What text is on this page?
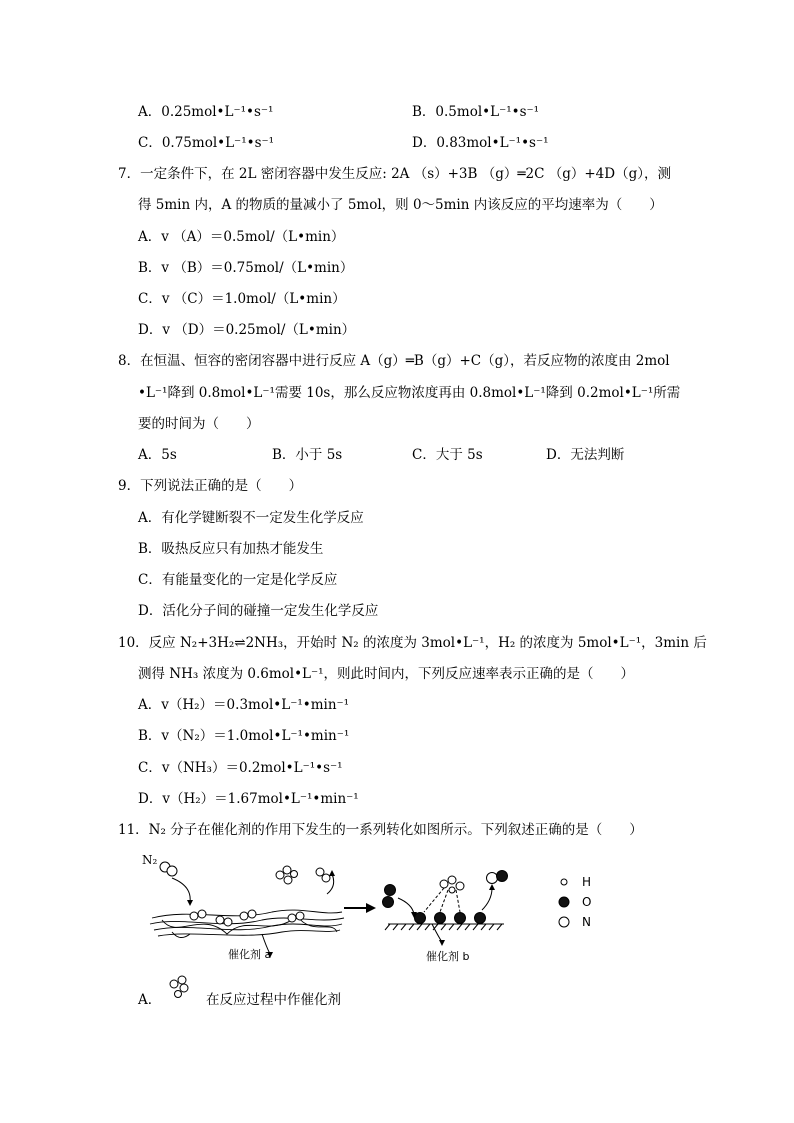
A．0.25mol•L⁻¹•s⁻¹	B．0.5mol•L⁻¹•s⁻¹
C．0.75mol•L⁻¹•s⁻¹	D．0.83mol•L⁻¹•s⁻¹
7．一定条件下，在 2L 密闭容器中发生反应: 2A （s）+3B （g）═2C （g）+4D（g），测
得 5min 内，A 的物质的量减小了 5mol，则 0～5min 内该反应的平均速率为（　　）
A．v （A）＝0.5mol/（L•min）
B．v （B）＝0.75mol/（L•min）
C．v （C）＝1.0mol/（L•min）
D．v （D）＝0.25mol/（L•min）
8．在恒温、恒容的密闭容器中进行反应 A（g）═B（g）+C（g），若反应物的浓度由 2mol
•L⁻¹降到 0.8mol•L⁻¹需要 10s，那么反应物浓度再由 0.8mol•L⁻¹降到 0.2mol•L⁻¹所需
要的时间为（　　）
A．5s	B．小于 5s	C．大于 5s	D．无法判断
9．下列说法正确的是（　　）
A．有化学键断裂不一定发生化学反应
B．吸热反应只有加热才能发生
C．有能量变化的一定是化学反应
D．活化分子间的碰撞一定发生化学反应
10．反应 N₂+3H₂⇌2NH₃，开始时 N₂ 的浓度为 3mol•L⁻¹，H₂ 的浓度为 5mol•L⁻¹，3min 后
测得 NH₃ 浓度为 0.6mol•L⁻¹，则此时间内，下列反应速率表示正确的是（　　）
A．v（H₂）＝0.3mol•L⁻¹•min⁻¹
B．v（N₂）＝1.0mol•L⁻¹•min⁻¹
C．v（NH₃）＝0.2mol•L⁻¹•s⁻¹
D．v（H₂）＝1.67mol•L⁻¹•min⁻¹
11．N₂ 分子在催化剂的作用下发生的一系列转化如图所示。下列叙述正确的是（　　）
N₂
催化剂 a	催化剂 b
H
O
N
A．	在反应过程中作催化剂
